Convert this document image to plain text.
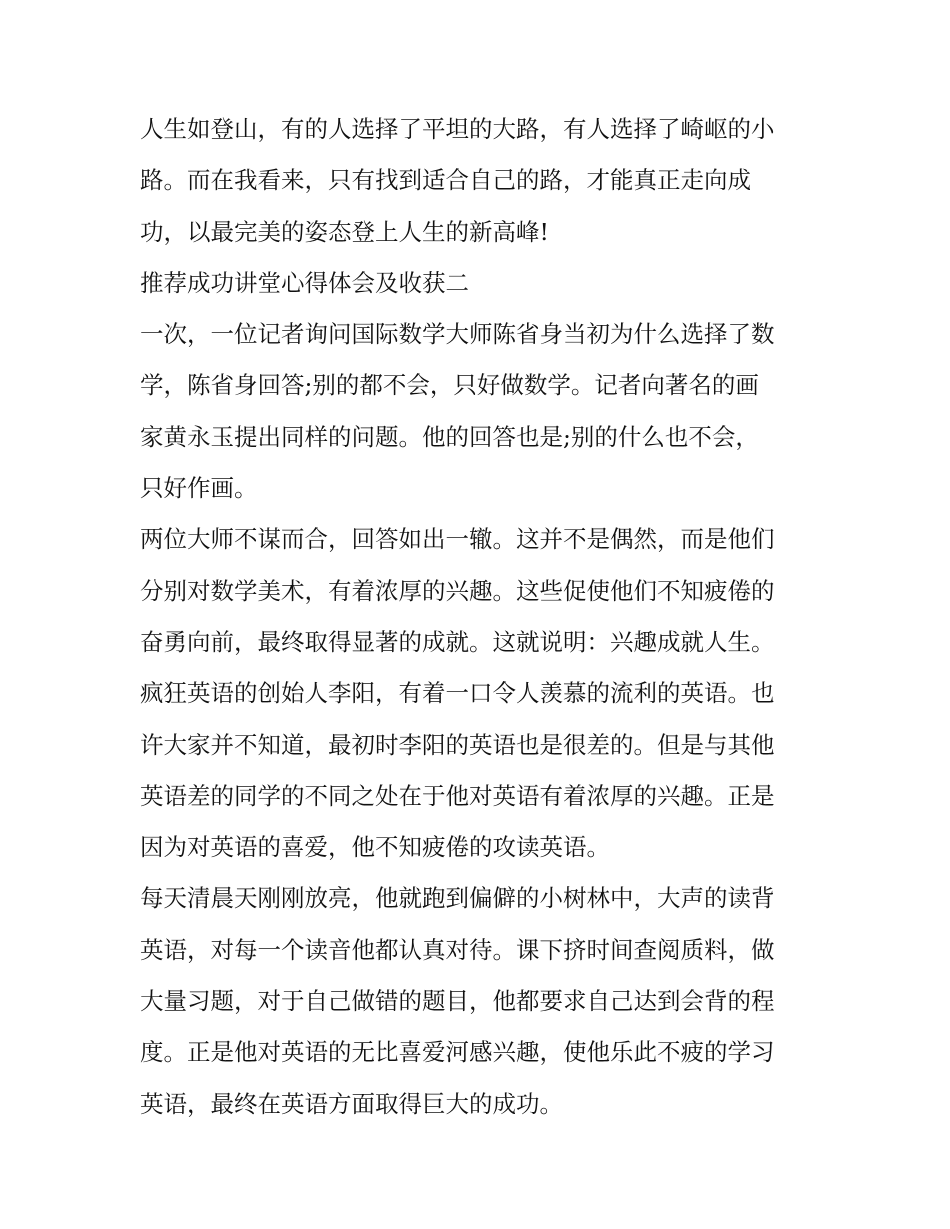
人生如登山，有的人选择了平坦的大路，有人选择了崎岖的小
路。而在我看来，只有找到适合自己的路，才能真正走向成
功，以最完美的姿态登上人生的新高峰!
推荐成功讲堂心得体会及收获二
一次，一位记者询问国际数学大师陈省身当初为什么选择了数
学，陈省身回答;别的都不会，只好做数学。记者向著名的画
家黄永玉提出同样的问题。他的回答也是;别的什么也不会，
只好作画。
两位大师不谋而合，回答如出一辙。这并不是偶然，而是他们
分别对数学美术，有着浓厚的兴趣。这些促使他们不知疲倦的
奋勇向前，最终取得显著的成就。这就说明：兴趣成就人生。
疯狂英语的创始人李阳，有着一口令人羡慕的流利的英语。也
许大家并不知道，最初时李阳的英语也是很差的。但是与其他
英语差的同学的不同之处在于他对英语有着浓厚的兴趣。正是
因为对英语的喜爱，他不知疲倦的攻读英语。
每天清晨天刚刚放亮，他就跑到偏僻的小树林中，大声的读背
英语，对每一个读音他都认真对待。课下挤时间查阅质料，做
大量习题，对于自己做错的题目，他都要求自己达到会背的程
度。正是他对英语的无比喜爱河感兴趣，使他乐此不疲的学习
英语，最终在英语方面取得巨大的成功。
